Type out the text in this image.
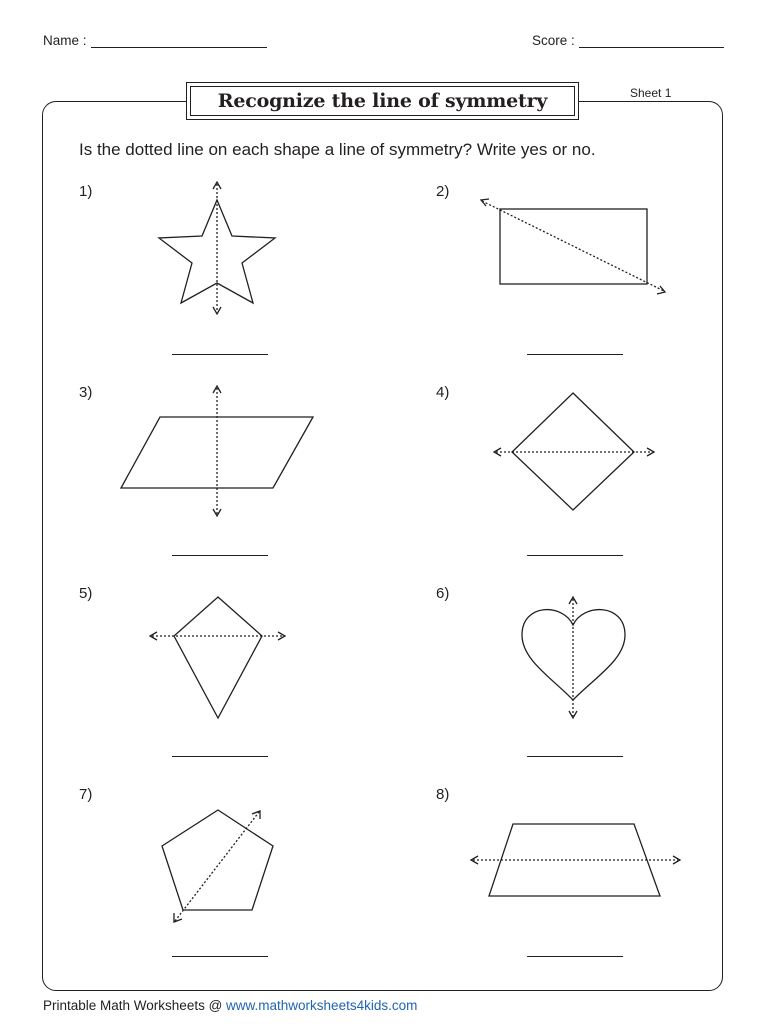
Name :	Score :
Recognize the line of symmetry	Sheet 1
Is the dotted line on each shape a line of symmetry? Write yes or no.
1)	2)
3)	4)
5)	6)
7)	8)
Printable Math Worksheets @ www.mathworksheets4kids.com
